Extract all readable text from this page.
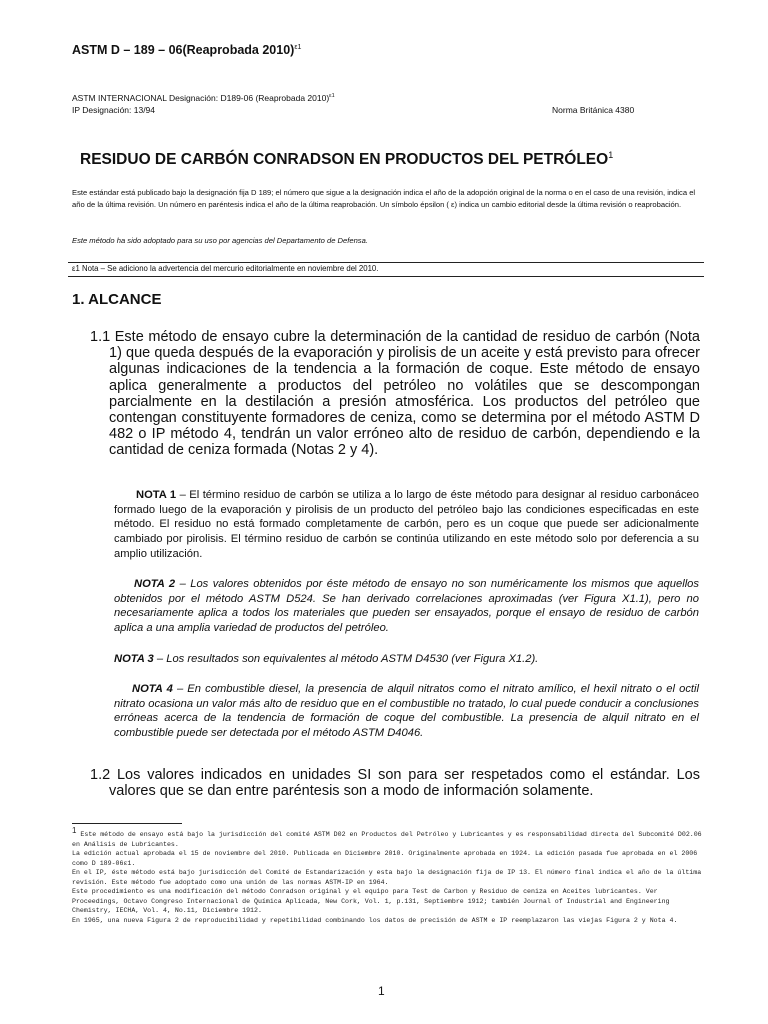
ASTM D – 189 – 06(Reaprobada 2010)$^{\varepsilon 1}$
ASTM INTERNACIONAL Designación: D189-06 (Reaprobada 2010)$^{\varepsilon 1}$
IP Designación: 13/94	Norma Británica 4380
RESIDUO DE CARBÓN CONRADSON EN PRODUCTOS DEL PETRÓLEO$^1$
Este estándar está publicado bajo la designación fija D 189; el número que sigue a la designación indica el año de la adopción original de la norma o en el caso de una revisión, indica el año de la última revisión. Un número en paréntesis indica el año de la última reaprobación. Un símbolo épsilon ( ε) indica un cambio editorial desde la última revisión o reaprobación.
Este método ha sido adoptado para su uso por agencias del Departamento de Defensa.
ε1 Nota – Se adiciono la advertencia del mercurio editorialmente en noviembre del 2010.
1. ALCANCE
1.1 Este método de ensayo cubre la determinación de la cantidad de residuo de carbón (Nota 1) que queda después de la evaporación y pirolisis de un aceite y está previsto para ofrecer algunas indicaciones de la tendencia a la formación de coque. Este método de ensayo aplica generalmente a productos del petróleo no volátiles que se descompongan parcialmente en la destilación a presión atmosférica. Los productos del petróleo que contengan constituyente formadores de ceniza, como se determina por el método ASTM D 482 o IP método 4, tendrán un valor erróneo alto de residuo de carbón, dependiendo e la cantidad de ceniza formada (Notas 2 y 4).
NOTA 1 – El término residuo de carbón se utiliza a lo largo de éste método para designar al residuo carbonáceo formado luego de la evaporación y pirolisis de un producto del petróleo bajo las condiciones especificadas en este método. El residuo no está formado completamente de carbón, pero es un coque que puede ser adicionalmente cambiado por pirolisis. El término residuo de carbón se continúa utilizando en este método solo por deferencia a su amplio utilización.
NOTA 2 – Los valores obtenidos por éste método de ensayo no son numéricamente los mismos que aquellos obtenidos por el método ASTM D524. Se han derivado correlaciones aproximadas (ver Figura X1.1), pero no necesariamente aplica a todos los materiales que pueden ser ensayados, porque el ensayo de residuo de carbón aplica a una amplia variedad de productos del petróleo.
NOTA 3 – Los resultados son equivalentes al método ASTM D4530 (ver Figura X1.2).
NOTA 4 – En combustible diesel, la presencia de alquil nitratos como el nitrato amílico, el hexil nitrato o el octil nitrato ocasiona un valor más alto de residuo que en el combustible no tratado, lo cual puede conducir a conclusiones erróneas acerca de la tendencia de formación de coque del combustible. La presencia de alquil nitrato en el combustible puede ser detectada por el método ASTM D4046.
1.2 Los valores indicados en unidades SI son para ser respetados como el estándar. Los valores que se dan entre paréntesis son a modo de información solamente.

$^1$ Este método de ensayo está bajo la jurisdicción del comité ASTM D02 en Productos del Petróleo y Lubricantes y es responsabilidad directa del Subcomité D02.06 en Análisis de Lubricantes.

La edición actual aprobada el 15 de noviembre del 2010. Publicada en Diciembre 2010. Originalmente aprobada en 1924. La edición pasada fue aprobada en el 2006 como D 189-06ε1.

En el IP, éste método está bajo jurisdicción del Comité de Estandarización y esta bajo la designación fija de IP 13. El número final indica el año de la última revisión. Este método fue adoptado como una unión de las normas ASTM-IP en 1964.

Este procedimiento es una modificación del método Conradson original y el equipo para Test de Carbon y Residuo de ceniza en Aceites lubricantes. Ver Proceedings, Octavo Congreso Internacional de Química Aplicada, New Cork, Vol. 1, p.131, Septiembre 1912; también Journal of Industrial and Engineering Chemistry, IECHA, Vol. 4, No.11, Diciembre 1912.

En 1965, una nueva Figura 2 de reproducibilidad y repetibilidad combinando los datos de precisión de ASTM e IP reemplazaron las viejas Figura 2 y Nota 4.

1
